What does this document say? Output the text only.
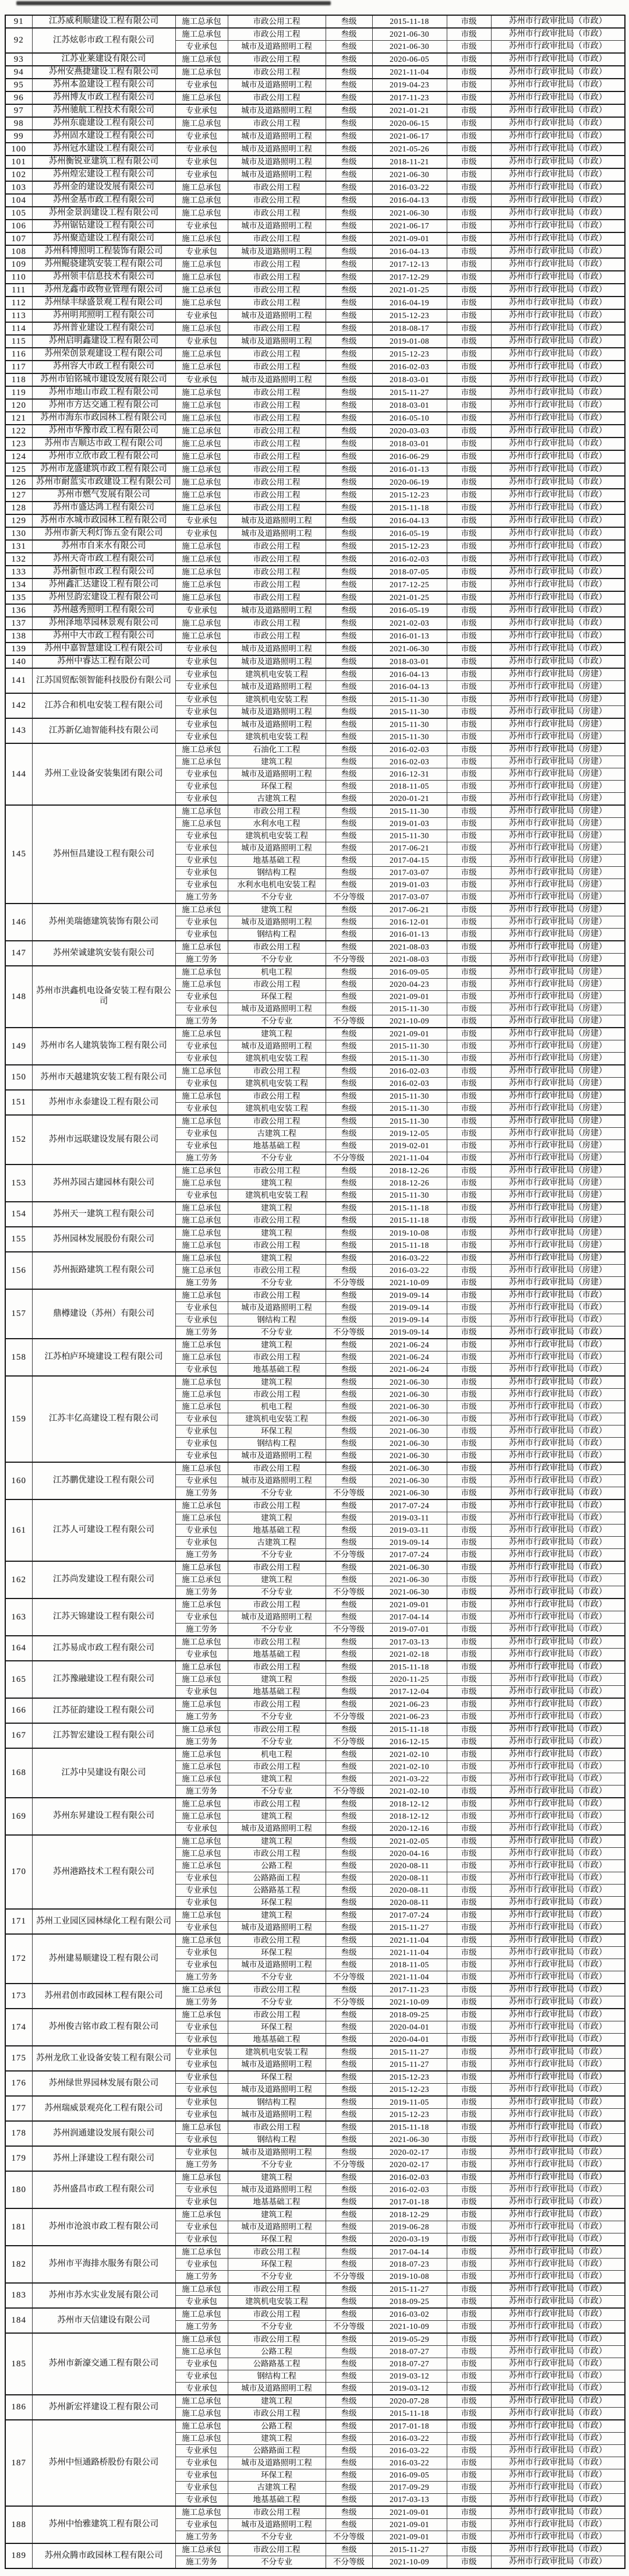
91	江苏威利顺建设工程有限公司	施工总承包	市政公用工程	叁级	2015-11-18	市级	苏州市行政审批局（市政）
92	江苏炫彰市政工程有限公司	施工总承包	市政公用工程	叁级	2021-06-30	市级	苏州市行政审批局（市政）
		专业承包	城市及道路照明工程	叁级	2021-06-30	市级	苏州市行政审批局（市政）
93	江苏业莱建设有限公司	施工总承包	市政公用工程	叁级	2020-06-05	市级	苏州市行政审批局（市政）
94	苏州安燕捷建设工程有限公司	施工总承包	市政公用工程	叁级	2021-11-04	市级	苏州市行政审批局（市政）
95	苏州本盈建设工程有限公司	专业承包	城市及道路照明工程	叁级	2019-04-23	市级	苏州市行政审批局（市政）
96	苏州博友市政工程有限公司	施工总承包	市政公用工程	叁级	2017-11-23	市级	苏州市行政审批局（市政）
97	苏州驰航工程技术有限公司	专业承包	城市及道路照明工程	叁级	2021-01-21	市级	苏州市行政审批局（市政）
98	苏州东鹿建设工程有限公司	施工总承包	市政公用工程	叁级	2020-06-15	市级	苏州市行政审批局（市政）
99	苏州固水建设工程有限公司	专业承包	城市及道路照明工程	叁级	2021-06-17	市级	苏州市行政审批局（市政）
100	苏州冠水建设工程有限公司	专业承包	城市及道路照明工程	叁级	2021-05-26	市级	苏州市行政审批局（市政）
101	苏州衡锐亚建筑工程有限公司	专业承包	城市及道路照明工程	叁级	2018-11-21	市级	苏州市行政审批局（市政）
102	苏州煌宏建设工程有限公司	专业承包	城市及道路照明工程	叁级	2021-06-30	市级	苏州市行政审批局（市政）
103	苏州金的建设发展有限公司	施工总承包	市政公用工程	叁级	2016-03-22	市级	苏州市行政审批局（市政）
104	苏州金基市政工程有限公司	施工总承包	市政公用工程	叁级	2016-04-13	市级	苏州市行政审批局（市政）
105	苏州金景润建设工程有限公司	施工总承包	市政公用工程	叁级	2021-06-30	市级	苏州市行政审批局（市政）
106	苏州锯钻建设工程有限公司	专业承包	城市及道路照明工程	叁级	2021-06-17	市级	苏州市行政审批局（市政）
107	苏州聚造建设工程有限公司	施工总承包	市政公用工程	叁级	2021-09-01	市级	苏州市行政审批局（市政）
108	苏州科博照明工程装饰有限公司	专业承包	城市及道路照明工程	叁级	2016-04-13	市级	苏州市行政审批局（市政）
109	苏州鲲骁建筑安装工程有限公司	施工总承包	市政公用工程	叁级	2017-12-13	市级	苏州市行政审批局（市政）
110	苏州领丰信息技术有限公司	施工总承包	市政公用工程	叁级	2017-12-29	市级	苏州市行政审批局（市政）
111	苏州龙鑫市政物业管理有限公司	施工总承包	市政公用工程	叁级	2021-01-25	市级	苏州市行政审批局（市政）
112	苏州绿丰绿盛景观工程有限公司	施工总承包	市政公用工程	叁级	2016-04-19	市级	苏州市行政审批局（市政）
113	苏州明邦照明工程有限公司	专业承包	城市及道路照明工程	叁级	2015-12-23	市级	苏州市行政审批局（市政）
114	苏州普业建设工程有限公司	施工总承包	市政公用工程	叁级	2018-08-17	市级	苏州市行政审批局（市政）
115	苏州启明鑫建设工程有限公司	专业承包	城市及道路照明工程	叁级	2019-01-08	市级	苏州市行政审批局（市政）
116	苏州荣创景观建设工程有限公司	施工总承包	市政公用工程	叁级	2015-12-23	市级	苏州市行政审批局（市政）
117	苏州容大市政工程有限公司	施工总承包	市政公用工程	叁级	2016-02-03	市级	苏州市行政审批局（市政）
118	苏州市铂铭城市建设发展有限公司	专业承包	城市及道路照明工程	叁级	2018-03-01	市级	苏州市行政审批局（市政）
119	苏州市地山市政工程有限公司	施工总承包	市政公用工程	叁级	2015-11-27	市级	苏州市行政审批局（市政）
120	苏州市方达交通工程有限公司	施工总承包	市政公用工程	叁级	2018-03-01	市级	苏州市行政审批局（市政）
121	苏州市海东市政园林工程有限公司	施工总承包	市政公用工程	叁级	2016-05-10	市级	苏州市行政审批局（市政）
122	苏州市华豫市政工程有限公司	施工总承包	市政公用工程	叁级	2020-03-03	市级	苏州市行政审批局（市政）
123	苏州市吉顺达市政工程有限公司	施工总承包	市政公用工程	叁级	2018-03-01	市级	苏州市行政审批局（市政）
124	苏州市立欣市政工程有限公司	施工总承包	市政公用工程	叁级	2016-06-29	市级	苏州市行政审批局（市政）
125	苏州市龙盛建筑市政工程有限公司	施工总承包	市政公用工程	叁级	2016-01-13	市级	苏州市行政审批局（市政）
126	苏州市耐蓝实市政建设工程有限公司	施工总承包	市政公用工程	叁级	2020-06-19	市级	苏州市行政审批局（市政）
127	苏州市燃气发展有限公司	施工总承包	市政公用工程	叁级	2015-12-23	市级	苏州市行政审批局（市政）
128	苏州市盛达鸿工程有限公司	施工总承包	市政公用工程	叁级	2015-11-18	市级	苏州市行政审批局（市政）
129	苏州市水城市政园林工程有限公司	专业承包	城市及道路照明工程	叁级	2016-04-13	市级	苏州市行政审批局（市政）
130	苏州市新天利灯饰五金有限公司	专业承包	城市及道路照明工程	叁级	2016-05-19	市级	苏州市行政审批局（市政）
131	苏州市自来水有限公司	施工总承包	市政公用工程	叁级	2015-12-23	市级	苏州市行政审批局（市政）
132	苏州天奇市政工程有限公司	施工总承包	市政公用工程	叁级	2016-02-03	市级	苏州市行政审批局（市政）
133	苏州新恒市政工程有限公司	施工总承包	市政公用工程	叁级	2018-07-05	市级	苏州市行政审批局（市政）
134	苏州鑫汇达建设工程有限公司	施工总承包	市政公用工程	叁级	2017-12-25	市级	苏州市行政审批局（市政）
135	苏州昱韵宏建设工程有限公司	施工总承包	市政公用工程	叁级	2021-01-25	市级	苏州市行政审批局（市政）
136	苏州越秀照明工程有限公司	专业承包	城市及道路照明工程	叁级	2016-05-19	市级	苏州市行政审批局（市政）
137	苏州泽地萃园林景观有限公司	施工总承包	市政公用工程	叁级	2021-02-03	市级	苏州市行政审批局（市政）
138	苏州中大市政工程有限公司	施工总承包	市政公用工程	叁级	2016-01-13	市级	苏州市行政审批局（市政）
139	苏州中嘉智慧建设工程有限公司	专业承包	城市及道路照明工程	叁级	2021-06-30	市级	苏州市行政审批局（市政）
140	苏州中睿达工程有限公司	专业承包	城市及道路照明工程	叁级	2018-03-01	市级	苏州市行政审批局（市政）
141	江苏国贸酝领智能科技股份有限公司	专业承包	建筑机电安装工程	叁级	2016-04-13	市级	苏州市行政审批局（房建）
		专业承包	城市及道路照明工程	叁级	2016-04-13	市级	苏州市行政审批局（房建）
142	江苏合和机电安装工程有限公司	专业承包	建筑机电安装工程	叁级	2015-11-30	市级	苏州市行政审批局（房建）
		专业承包	城市及道路照明工程	叁级	2015-11-30	市级	苏州市行政审批局（房建）
143	江苏新亿迪智能科技有限公司	专业承包	城市及道路照明工程	叁级	2015-11-30	市级	苏州市行政审批局（房建）
		专业承包	建筑机电安装工程	叁级	2015-11-30	市级	苏州市行政审批局（房建）
144	苏州工业设备安装集团有限公司	施工总承包	石油化工工程	叁级	2016-02-03	市级	苏州市行政审批局（房建）
		施工总承包	建筑工程	叁级	2016-02-03	市级	苏州市行政审批局（房建）
		专业承包	城市及道路照明工程	叁级	2016-12-31	市级	苏州市行政审批局（房建）
		专业承包	环保工程	叁级	2018-11-05	市级	苏州市行政审批局（房建）
		专业承包	古建筑工程	叁级	2020-01-21	市级	苏州市行政审批局（房建）
145	苏州恒昌建设工程有限公司	施工总承包	市政公用工程	叁级	2015-11-30	市级	苏州市行政审批局（房建）
		施工总承包	水利水电工程	叁级	2019-01-03	市级	苏州市行政审批局（房建）
		专业承包	建筑机电安装工程	叁级	2015-11-30	市级	苏州市行政审批局（房建）
		专业承包	城市及道路照明工程	叁级	2017-06-21	市级	苏州市行政审批局（房建）
		专业承包	地基基础工程	叁级	2017-04-15	市级	苏州市行政审批局（房建）
		专业承包	钢结构工程	叁级	2017-03-07	市级	苏州市行政审批局（房建）
		专业承包	水利水电机电安装工程	叁级	2019-01-03	市级	苏州市行政审批局（房建）
		施工劳务	不分专业	不分等级	2017-03-07	市级	苏州市行政审批局（房建）
146	苏州美瑞德建筑装饰有限公司	施工总承包	建筑工程	叁级	2017-06-21	市级	苏州市行政审批局（房建）
		专业承包	城市及道路照明工程	叁级	2016-12-01	市级	苏州市行政审批局（房建）
		专业承包	钢结构工程	叁级	2016-01-13	市级	苏州市行政审批局（房建）
147	苏州荣诚建筑安装有限公司	施工总承包	市政公用工程	叁级	2021-08-03	市级	苏州市行政审批局（房建）
		施工劳务	不分专业	不分等级	2021-08-03	市级	苏州市行政审批局（房建）
148	苏州市洪鑫机电设备安装工程有限公司	施工总承包	机电工程	叁级	2016-09-05	市级	苏州市行政审批局（房建）
		施工总承包	市政公用工程	叁级	2020-04-23	市级	苏州市行政审批局（房建）
		专业承包	环保工程	叁级	2021-09-01	市级	苏州市行政审批局（房建）
		专业承包	城市及道路照明工程	叁级	2015-11-30	市级	苏州市行政审批局（房建）
		施工劳务	不分专业	不分等级	2021-10-09	市级	苏州市行政审批局（房建）
149	苏州市名人建筑装饰工程有限公司	施工总承包	建筑工程	叁级	2021-09-01	市级	苏州市行政审批局（房建）
		专业承包	城市及道路照明工程	叁级	2015-11-30	市级	苏州市行政审批局（房建）
		专业承包	建筑机电安装工程	叁级	2015-11-30	市级	苏州市行政审批局（房建）
150	苏州市天越建筑安装工程有限公司	施工总承包	市政公用工程	叁级	2016-02-03	市级	苏州市行政审批局（房建）
		专业承包	建筑机电安装工程	叁级	2016-02-03	市级	苏州市行政审批局（房建）
151	苏州市永泰建设工程有限公司	施工总承包	市政公用工程	叁级	2015-11-30	市级	苏州市行政审批局（房建）
		专业承包	建筑机电安装工程	叁级	2015-11-30	市级	苏州市行政审批局（房建）
152	苏州市远联建设发展有限公司	施工总承包	市政公用工程	叁级	2015-11-30	市级	苏州市行政审批局（房建）
		专业承包	古建筑工程	叁级	2019-12-05	市级	苏州市行政审批局（房建）
		专业承包	地基基础工程	叁级	2019-02-01	市级	苏州市行政审批局（房建）
		施工劳务	不分专业	不分等级	2021-11-04	市级	苏州市行政审批局（房建）
153	苏州苏园古建园林有限公司	施工总承包	市政公用工程	叁级	2018-12-26	市级	苏州市行政审批局（房建）
		施工总承包	建筑工程	叁级	2018-12-26	市级	苏州市行政审批局（房建）
		专业承包	建筑机电安装工程	叁级	2015-11-30	市级	苏州市行政审批局（房建）
154	苏州天一建筑工程有限公司	施工总承包	建筑工程	叁级	2015-11-18	市级	苏州市行政审批局（房建）
		施工总承包	市政公用工程	叁级	2015-11-18	市级	苏州市行政审批局（房建）
155	苏州园林发展股份有限公司	施工总承包	建筑工程	叁级	2019-10-08	市级	苏州市行政审批局（房建）
		施工总承包	市政公用工程	叁级	2015-11-18	市级	苏州市行政审批局（房建）
156	苏州振路建筑工程有限公司	施工总承包	建筑工程	叁级	2016-03-22	市级	苏州市行政审批局（房建）
		施工总承包	市政公用工程	叁级	2016-03-22	市级	苏州市行政审批局（房建）
		施工劳务	不分专业	不分等级	2021-10-09	市级	苏州市行政审批局（房建）
157	鼎樽建设（苏州）有限公司	施工总承包	市政公用工程	叁级	2019-09-14	市级	苏州市行政审批局（市政）
		专业承包	城市及道路照明工程	叁级	2019-09-14	市级	苏州市行政审批局（市政）
		专业承包	钢结构工程	叁级	2019-09-14	市级	苏州市行政审批局（市政）
		施工劳务	不分专业	不分等级	2019-09-14	市级	苏州市行政审批局（市政）
158	江苏柏庐环境建设工程有限公司	施工总承包	建筑工程	叁级	2021-06-24	市级	苏州市行政审批局（市政）
		施工总承包	市政公用工程	叁级	2021-06-24	市级	苏州市行政审批局（市政）
		专业承包	地基基础工程	叁级	2021-06-24	市级	苏州市行政审批局（市政）
159	江苏丰亿高建设工程有限公司	施工总承包	建筑工程	叁级	2021-06-30	市级	苏州市行政审批局（市政）
		施工总承包	市政公用工程	叁级	2021-06-30	市级	苏州市行政审批局（市政）
		施工总承包	机电工程	叁级	2021-06-30	市级	苏州市行政审批局（市政）
		专业承包	建筑机电安装工程	叁级	2021-06-30	市级	苏州市行政审批局（市政）
		专业承包	环保工程	叁级	2021-06-30	市级	苏州市行政审批局（市政）
		专业承包	钢结构工程	叁级	2021-06-30	市级	苏州市行政审批局（市政）
		专业承包	城市及道路照明工程	叁级	2021-06-30	市级	苏州市行政审批局（市政）
160	江苏鹏优建设工程有限公司	施工总承包	市政公用工程	叁级	2021-06-30	市级	苏州市行政审批局（市政）
		专业承包	城市及道路照明工程	叁级	2021-06-30	市级	苏州市行政审批局（市政）
		施工劳务	不分专业	不分等级	2021-06-30	市级	苏州市行政审批局（市政）
161	江苏人可建设工程有限公司	施工总承包	市政公用工程	叁级	2017-07-24	市级	苏州市行政审批局（市政）
		施工总承包	建筑工程	叁级	2019-03-11	市级	苏州市行政审批局（市政）
		专业承包	地基基础工程	叁级	2019-03-11	市级	苏州市行政审批局（市政）
		专业承包	古建筑工程	叁级	2019-09-14	市级	苏州市行政审批局（市政）
		施工劳务	不分专业	不分等级	2017-07-24	市级	苏州市行政审批局（市政）
162	江苏尚发建设工程有限公司	施工总承包	市政公用工程	叁级	2021-06-30	市级	苏州市行政审批局（市政）
		施工总承包	建筑工程	叁级	2021-06-30	市级	苏州市行政审批局（市政）
		施工劳务	不分专业	不分等级	2021-06-30	市级	苏州市行政审批局（市政）
163	江苏天锦建设工程有限公司	施工总承包	市政公用工程	叁级	2021-09-01	市级	苏州市行政审批局（市政）
		专业承包	城市及道路照明工程	叁级	2017-04-14	市级	苏州市行政审批局（市政）
		施工劳务	不分专业	不分等级	2019-07-01	市级	苏州市行政审批局（市政）
164	江苏易成市政工程有限公司	施工总承包	市政公用工程	叁级	2017-03-13	市级	苏州市行政审批局（市政）
		专业承包	地基基础工程	叁级	2021-02-18	市级	苏州市行政审批局（市政）
165	江苏豫融建设工程有限公司	施工总承包	市政公用工程	叁级	2015-11-18	市级	苏州市行政审批局（市政）
		施工总承包	建筑工程	叁级	2020-11-25	市级	苏州市行政审批局（市政）
		专业承包	地基基础工程	叁级	2017-12-04	市级	苏州市行政审批局（市政）
166	江苏征韵建设工程有限公司	施工总承包	市政公用工程	叁级	2021-06-23	市级	苏州市行政审批局（市政）
		施工劳务	不分专业	不分等级	2021-06-23	市级	苏州市行政审批局（市政）
167	江苏智宏建设工程有限公司	施工总承包	市政公用工程	叁级	2015-11-18	市级	苏州市行政审批局（市政）
		施工劳务	不分专业	不分等级	2016-12-15	市级	苏州市行政审批局（市政）
168	江苏中吴建设有限公司	施工总承包	机电工程	叁级	2021-02-10	市级	苏州市行政审批局（市政）
		施工总承包	市政公用工程	叁级	2021-02-10	市级	苏州市行政审批局（市政）
		施工总承包	建筑工程	叁级	2021-03-22	市级	苏州市行政审批局（市政）
		施工劳务	不分专业	不分等级	2021-02-10	市级	苏州市行政审批局（市政）
169	苏州东昇建设工程有限公司	施工总承包	市政公用工程	叁级	2018-12-12	市级	苏州市行政审批局（市政）
		施工总承包	建筑工程	叁级	2018-12-12	市级	苏州市行政审批局（市政）
		专业承包	城市及道路照明工程	叁级	2020-12-16	市级	苏州市行政审批局（市政）
170	苏州港路技术工程有限公司	施工总承包	建筑工程	叁级	2021-02-05	市级	苏州市行政审批局（市政）
		施工总承包	市政公用工程	叁级	2020-04-16	市级	苏州市行政审批局（市政）
		施工总承包	公路工程	叁级	2020-08-11	市级	苏州市行政审批局（市政）
		专业承包	公路路面工程	叁级	2020-08-11	市级	苏州市行政审批局（市政）
		专业承包	公路路基工程	叁级	2020-08-11	市级	苏州市行政审批局（市政）
		专业承包	环保工程	叁级	2020-08-11	市级	苏州市行政审批局（市政）
171	苏州工业园区园林绿化工程有限公司	施工总承包	建筑工程	叁级	2017-07-24	市级	苏州市行政审批局（市政）
		专业承包	城市及道路照明工程	叁级	2015-11-27	市级	苏州市行政审批局（市政）
172	苏州建易顺建设工程有限公司	施工总承包	市政公用工程	叁级	2021-11-04	市级	苏州市行政审批局（市政）
		专业承包	环保工程	叁级	2021-11-04	市级	苏州市行政审批局（市政）
		专业承包	城市及道路照明工程	叁级	2018-11-05	市级	苏州市行政审批局（市政）
		施工劳务	不分专业	不分等级	2021-11-04	市级	苏州市行政审批局（市政）
173	苏州君创市政园林工程有限公司	施工总承包	市政公用工程	叁级	2017-11-23	市级	苏州市行政审批局（市政）
		施工劳务	不分专业	不分等级	2021-10-09	市级	苏州市行政审批局（市政）
174	苏州俊吉铭市政工程有限公司	施工总承包	市政公用工程	叁级	2018-09-25	市级	苏州市行政审批局（市政）
		专业承包	环保工程	叁级	2020-04-01	市级	苏州市行政审批局（市政）
		专业承包	地基基础工程	叁级	2020-04-01	市级	苏州市行政审批局（市政）
175	苏州龙欣工业设备安装工程有限公司	专业承包	建筑机电安装工程	叁级	2015-11-27	市级	苏州市行政审批局（市政）
		专业承包	城市及道路照明工程	叁级	2015-11-27	市级	苏州市行政审批局（市政）
176	苏州绿世界园林发展有限公司	专业承包	环保工程	叁级	2015-12-23	市级	苏州市行政审批局（市政）
		专业承包	城市及道路照明工程	叁级	2015-12-23	市级	苏州市行政审批局（市政）
177	苏州瑞威景观亮化工程有限公司	专业承包	钢结构工程	叁级	2019-11-05	市级	苏州市行政审批局（市政）
		专业承包	城市及道路照明工程	叁级	2015-12-23	市级	苏州市行政审批局（市政）
178	苏州润通建设发展有限公司	施工总承包	市政公用工程	叁级	2015-11-18	市级	苏州市行政审批局（市政）
		专业承包	钢结构工程	叁级	2021-06-30	市级	苏州市行政审批局（市政）
179	苏州上泽建设工程有限公司	专业承包	城市及道路照明工程	叁级	2020-02-17	市级	苏州市行政审批局（市政）
		施工劳务	不分专业	不分等级	2020-02-17	市级	苏州市行政审批局（市政）
180	苏州盛昌市政工程有限公司	施工总承包	建筑工程	叁级	2016-02-03	市级	苏州市行政审批局（市政）
		专业承包	城市及道路照明工程	叁级	2016-02-03	市级	苏州市行政审批局（市政）
		专业承包	地基基础工程	叁级	2017-01-18	市级	苏州市行政审批局（市政）
181	苏州市沧浪市政工程有限公司	施工总承包	建筑工程	叁级	2018-12-29	市级	苏州市行政审批局（市政）
		专业承包	城市及道路照明工程	叁级	2019-06-28	市级	苏州市行政审批局（市政）
		专业承包	环保工程	叁级	2020-03-19	市级	苏州市行政审批局（市政）
182	苏州市平海排水服务有限公司	施工总承包	市政公用工程	叁级	2017-04-14	市级	苏州市行政审批局（市政）
		专业承包	环保工程	叁级	2018-07-23	市级	苏州市行政审批局（市政）
		施工劳务	不分专业	不分等级	2019-10-08	市级	苏州市行政审批局（市政）
183	苏州市苏水实业发展有限公司	施工总承包	市政公用工程	叁级	2015-11-27	市级	苏州市行政审批局（市政）
		专业承包	建筑机电安装工程	叁级	2018-09-25	市级	苏州市行政审批局（市政）
184	苏州市天信建设有限公司	施工总承包	市政公用工程	叁级	2016-03-02	市级	苏州市行政审批局（市政）
		施工劳务	不分专业	不分等级	2021-10-09	市级	苏州市行政审批局（市政）
185	苏州市新濠交通工程有限公司	施工总承包	市政公用工程	叁级	2019-05-29	市级	苏州市行政审批局（市政）
		施工总承包	公路工程	叁级	2018-07-27	市级	苏州市行政审批局（市政）
		专业承包	公路路基工程	叁级	2018-07-27	市级	苏州市行政审批局（市政）
		专业承包	钢结构工程	叁级	2019-03-12	市级	苏州市行政审批局（市政）
		专业承包	城市及道路照明工程	叁级	2019-03-12	市级	苏州市行政审批局（市政）
186	苏州新宏祥建设工程有限公司	施工总承包	建筑工程	叁级	2020-07-28	市级	苏州市行政审批局（市政）
		施工总承包	市政公用工程	叁级	2015-11-18	市级	苏州市行政审批局（市政）
187	苏州中恒通路桥股份有限公司	施工总承包	公路工程	叁级	2017-01-18	市级	苏州市行政审批局（市政）
		施工总承包	建筑工程	叁级	2016-03-22	市级	苏州市行政审批局（市政）
		专业承包	公路路面工程	叁级	2016-03-22	市级	苏州市行政审批局（市政）
		专业承包	城市及道路照明工程	叁级	2016-03-22	市级	苏州市行政审批局（市政）
		专业承包	环保工程	叁级	2016-09-05	市级	苏州市行政审批局（市政）
		专业承包	古建筑工程	叁级	2017-09-29	市级	苏州市行政审批局（市政）
		专业承包	地基基础工程	叁级	2017-03-13	市级	苏州市行政审批局（市政）
188	苏州中怡雅建筑工程有限公司	施工总承包	市政公用工程	叁级	2021-09-01	市级	苏州市行政审批局（市政）
		专业承包	城市及道路照明工程	叁级	2021-09-01	市级	苏州市行政审批局（市政）
		施工劳务	不分专业	不分等级	2021-09-01	市级	苏州市行政审批局（市政）
189	苏州众腾市政园林工程有限公司	施工总承包	市政公用工程	叁级	2015-11-27	市级	苏州市行政审批局（市政）
		施工劳务	不分专业	不分等级	2021-10-09	市级	苏州市行政审批局（市政）
